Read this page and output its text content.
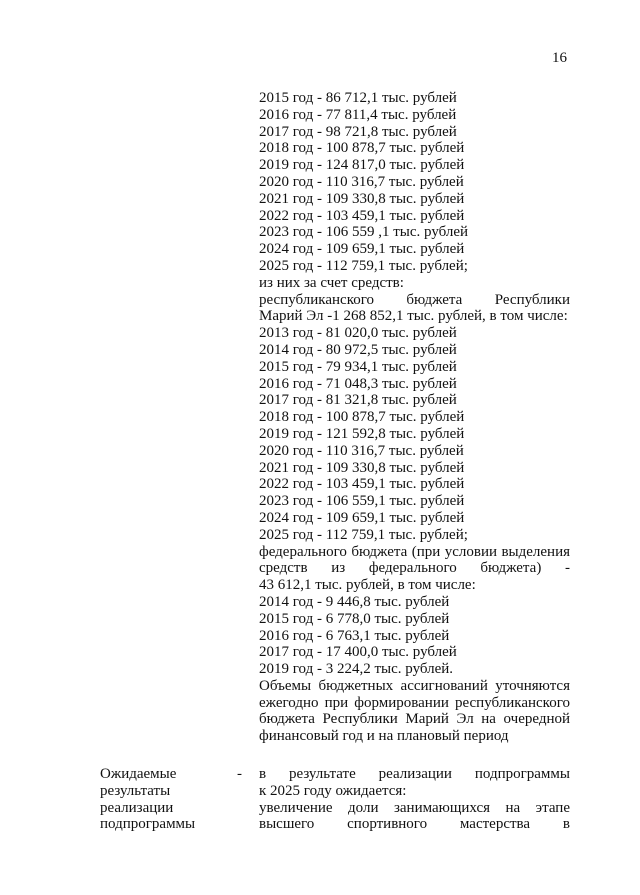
16
2015 год - 86 712,1 тыс. рублей
2016 год - 77 811,4 тыс. рублей
2017 год - 98 721,8 тыс. рублей
2018 год - 100 878,7 тыс. рублей
2019 год - 124 817,0 тыс. рублей
2020 год - 110 316,7 тыс. рублей
2021 год - 109 330,8 тыс. рублей
2022 год - 103 459,1 тыс. рублей
2023 год - 106 559 ,1 тыс. рублей
2024 год - 109 659,1 тыс. рублей
2025 год - 112 759,1 тыс. рублей;
из них за счет средств:
республиканского бюджета Республики
Марий Эл -1 268 852,1 тыс. рублей, в том числе:
2013 год - 81 020,0 тыс. рублей
2014 год - 80 972,5 тыс. рублей
2015 год - 79 934,1 тыс. рублей
2016 год - 71 048,3 тыс. рублей
2017 год - 81 321,8 тыс. рублей
2018 год - 100 878,7 тыс. рублей
2019 год - 121 592,8 тыс. рублей
2020 год - 110 316,7 тыс. рублей
2021 год - 109 330,8 тыс. рублей
2022 год - 103 459,1 тыс. рублей
2023 год - 106 559,1 тыс. рублей
2024 год - 109 659,1 тыс. рублей
2025 год - 112 759,1 тыс. рублей;
федерального бюджета (при условии выделения
средств из федерального бюджета) -
43 612,1 тыс. рублей, в том числе:
2014 год - 9 446,8 тыс. рублей
2015 год - 6 778,0 тыс. рублей
2016 год - 6 763,1 тыс. рублей
2017 год - 17 400,0 тыс. рублей
2019 год - 3 224,2 тыс. рублей.
Объемы бюджетных ассигнований уточняются
ежегодно при формировании республиканского
бюджета Республики Марий Эл на очередной
финансовый год и на плановый период
Ожидаемые
результаты
реализации
подпрограммы
- в результате реализации подпрограммы
к 2025 году ожидается:
увеличение доли занимающихся на этапе
высшего спортивного мастерства в
